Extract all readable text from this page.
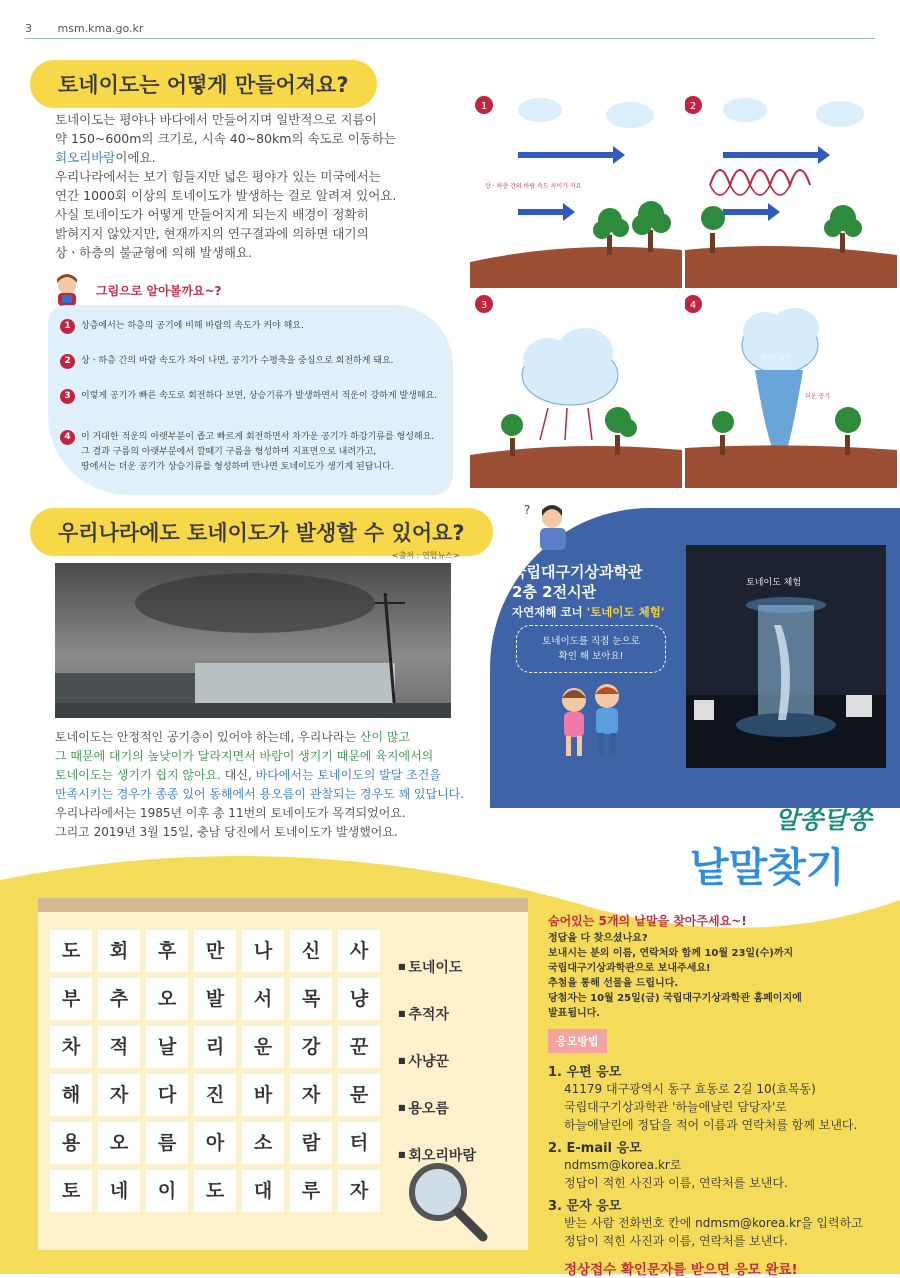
3 msm.kma.go.kr
토네이도는 어떻게 만들어져요?
토네이도는 평야나 바다에서 만들어지며 일반적으로 지름이
약 150~600m의 크기로, 시속 40~80km의 속도로 이동하는
회오리바람이에요.
우리나라에서는 보기 힘들지만 넓은 평야가 있는 미국에서는
연간 1000회 이상의 토네이도가 발생하는 걸로 알려져 있어요.
사실 토네이도가 어떻게 만들어지게 되는지 배경이 정확히
밝혀지지 않았지만, 현재까지의 연구결과에 의하면 대기의
상ㆍ하층의 불균형에 의해 발생해요.
그림으로 알아볼까요~?
1	상층에서는 하층의 공기에 비해 바람의 속도가 커야 해요.
2	상ㆍ하층 간의 바람 속도가 차이 나면, 공기가 수평축을 중심으로 회전하게 돼요.
3	이렇게 공기가 빠른 속도로 회전하다 보면, 상승기류가 발생하면서 적운이 강하게 발생해요.
4	이 거대한 적운의 아랫부분이 좁고 빠르게 회전하면서 차가운 공기가 하강기류를 형성해요.
그 결과 구름의 아랫부분에서 깔때기 구름을 형성하며 지표면으로 내려가고,
땅에서는 더운 공기가 상승기류를 형성하며 만나면 토네이도가 생기게 된답니다.
1
상ㆍ하층 간의 바람 속도 차이가 커요
2
3	4
차가운 공기
더운 공기
우리나라에도 토네이도가 발생할 수 있어요?
<출처 : 연합뉴스>
토네이도는 안정적인 공기층이 있어야 하는데, 우리나라는 산이 많고
그 때문에 대기의 높낮이가 달라지면서 바람이 생기기 때문에 육지에서의
토네이도는 생기기 쉽지 않아요. 대신, 바다에서는 토네이도의 발달 조건을
만족시키는 경우가 종종 있어 동해에서 용오름이 관찰되는 경우도 꽤 있답니다.
우리나라에서는 1985년 이후 총 11번의 토네이도가 목격되었어요.
그리고 2019년 3월 15일, 충남 당진에서 토네이도가 발생했어요.
?
국립대구기상과학관
2층 2전시관
자연재해 코너 '토네이도 체험'
토네이도를 직접 눈으로
확인 해 보아요!
토네이도 체험
알쏭달쏭
낱말찾기
도	회	후	만	나	신	사
부	추	오	발	서	목	냥
차	적	날	리	운	강	꾼
해	자	다	진	바	자	문
용	오	름	아	소	람	터
토	네	이	도	대	루	자
■ 토네이도
■ 추적자
■ 사냥꾼
■ 용오름
■ 회오리바람
숨어있는 5개의 낱말을 찾아주세요~!
정답을 다 찾으셨나요?
보내시는 분의 이름, 연락처와 함께 10월 23일(수)까지
국립대구기상과학관으로 보내주세요!
추첨을 통해 선물을 드립니다.
당첨자는 10월 25일(금) 국립대구기상과학관 홈페이지에
발표됩니다.
응모방법
1. 우편 응모
41179 대구광역시 동구 효동로 2길 10(효목동)
국립대구기상과학관 '하늘애날린 담당자'로
하늘애날린에 정답을 적어 이름과 연락처를 함께 보낸다.
2. E-mail 응모
ndmsm@korea.kr로
정답이 적힌 사진과 이름, 연락처를 보낸다.
3. 문자 응모
받는 사람 전화번호 칸에 ndmsm@korea.kr을 입력하고
정답이 적힌 사진과 이름, 연락처를 보낸다.
정상접수 확인문자를 받으면 응모 완료!
